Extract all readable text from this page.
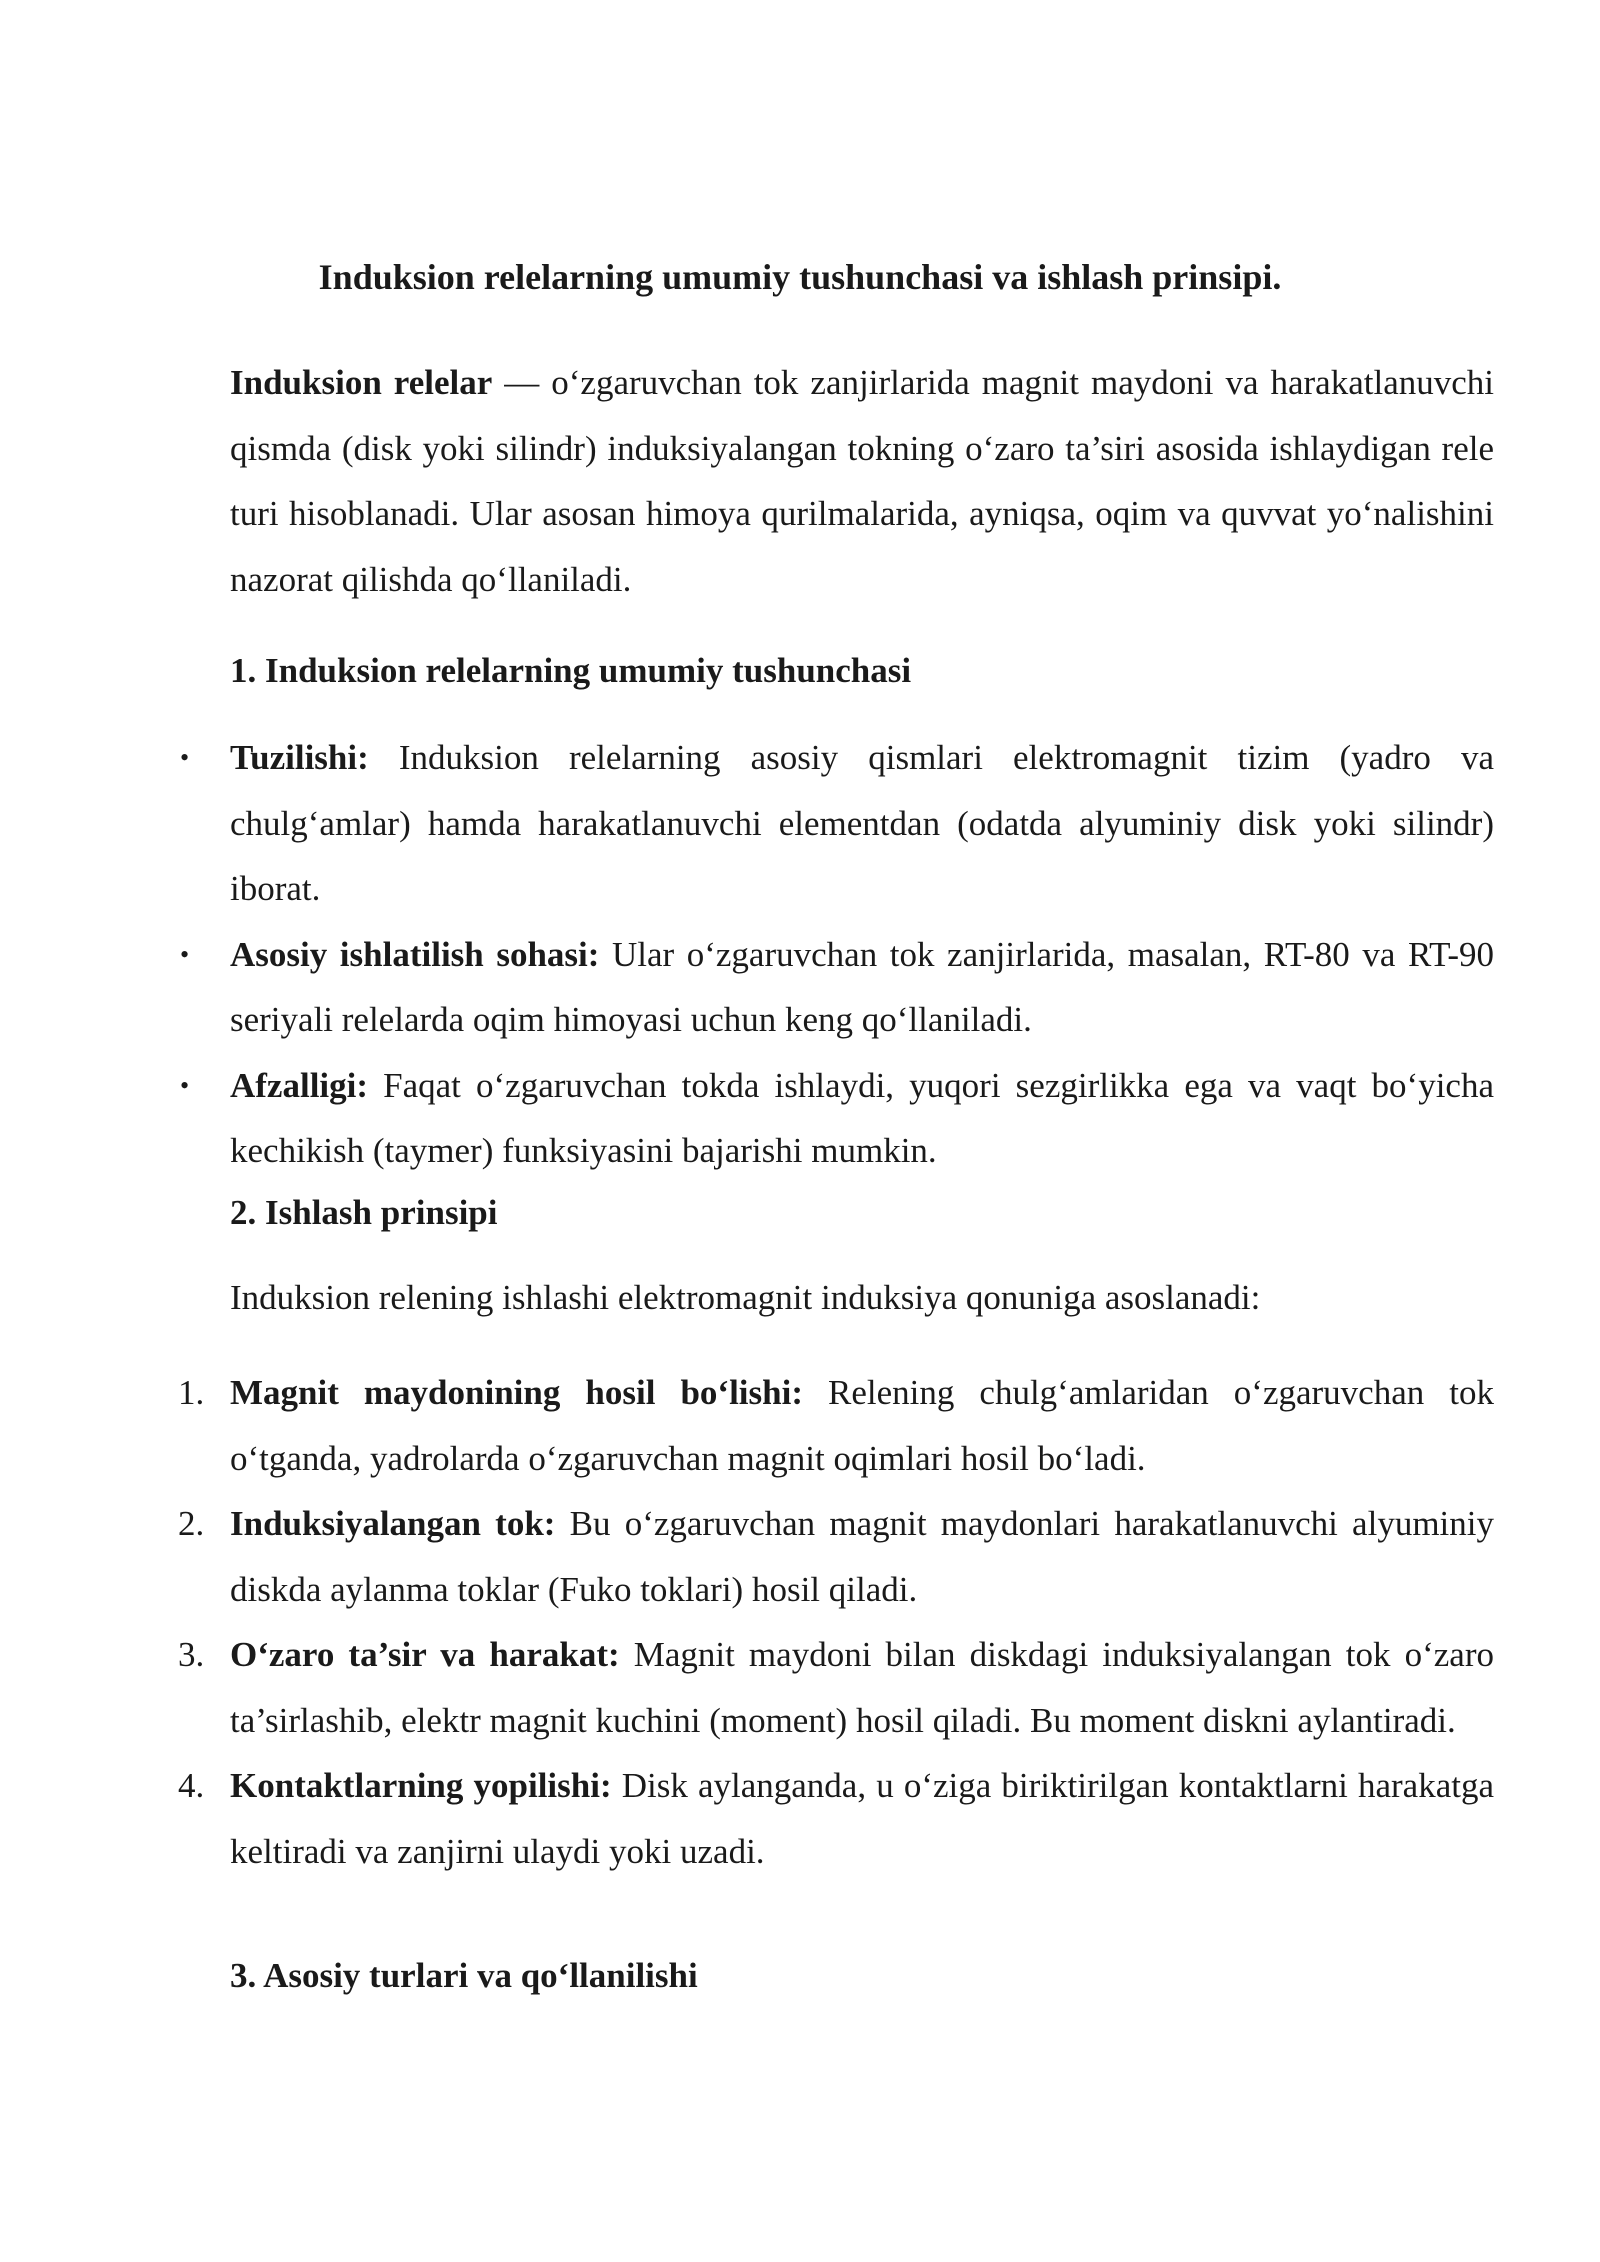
Induksion relelarning umumiy tushunchasi va ishlash prinsipi.

Induksion relelar — o‘zgaruvchan tok zanjirlarida magnit maydoni va harakatlanuvchi qismda (disk yoki silindr) induksiyalangan tokning o‘zaro ta’siri asosida ishlaydigan rele turi hisoblanadi. Ular asosan himoya qurilmalarida, ayniqsa, oqim va quvvat yo‘nalishini nazorat qilishda qo‘llaniladi.

1. Induksion relelarning umumiy tushunchasi
• Tuzilishi: Induksion relelarning asosiy qismlari elektromagnit tizim (yadro va chulg‘amlar) hamda harakatlanuvchi elementdan (odatda alyuminiy disk yoki silindr) iborat.
• Asosiy ishlatilish sohasi: Ular o‘zgaruvchan tok zanjirlarida, masalan, RT-80 va RT-90 seriyali relelarda oqim himoyasi uchun keng qo‘llaniladi.
• Afzalligi: Faqat o‘zgaruvchan tokda ishlaydi, yuqori sezgirlikka ega va vaqt bo‘yicha kechikish (taymer) funksiyasini bajarishi mumkin.
2. Ishlash prinsipi

Induksion relening ishlashi elektromagnit induksiya qonuniga asoslanadi:

1. Magnit maydonining hosil bo‘lishi: Relening chulg‘amlaridan o‘zgaruvchan tok o‘tganda, yadrolarda o‘zgaruvchan magnit oqimlari hosil bo‘ladi.
2. Induksiyalangan tok: Bu o‘zgaruvchan magnit maydonlari harakatlanuvchi alyuminiy diskda aylanma toklar (Fuko toklari) hosil qiladi.
3. O‘zaro ta’sir va harakat: Magnit maydoni bilan diskdagi induksiyalangan tok o‘zaro ta’sirlashib, elektr magnit kuchini (moment) hosil qiladi. Bu moment diskni aylantiradi.
4. Kontaktlarning yopilishi: Disk aylanganda, u o‘ziga biriktirilgan kontaktlarni harakatga keltiradi va zanjirni ulaydi yoki uzadi.
3. Asosiy turlari va qo‘llanilishi
